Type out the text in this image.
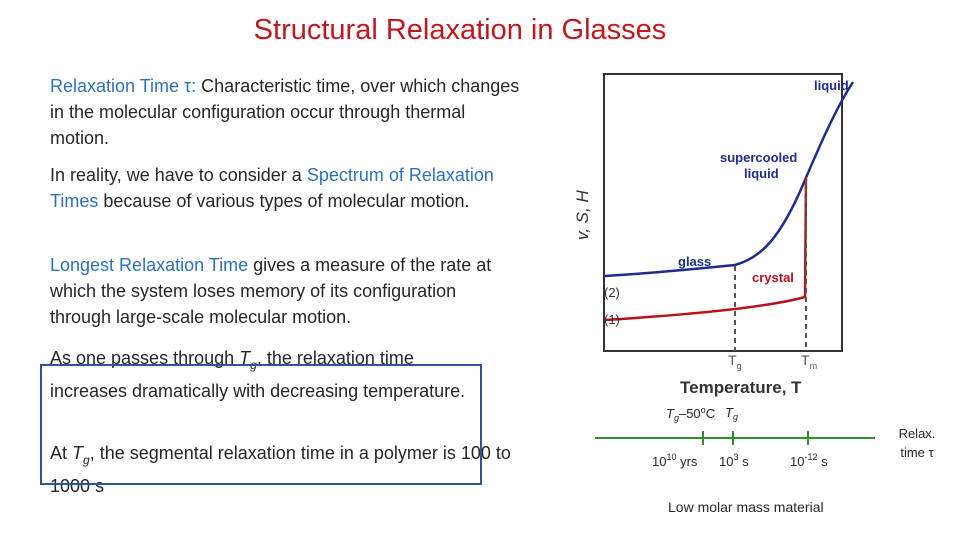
Structural Relaxation in Glasses
Relaxation Time τ: Characteristic time, over which changes in the molecular configuration occur through thermal motion.
In reality, we have to consider a Spectrum of Relaxation Times because of various types of molecular motion.
Longest Relaxation Time gives a measure of the rate at which the system loses memory of its configuration through large-scale molecular motion.
As one passes through $T_g$, the relaxation time increases dramatically with decreasing temperature.
At $T_g$, the segmental relaxation time in a polymer is 100 to 1000 s
v, S, H
liquid
supercooled
liquid
glass
crystal
(2)
(1)
$T_g$	$T_m$
Temperature, T
$T_g-50^oC$ $T_g$
$10^{10}$ yrs $10^3$ s	$10^{-12}$ s
Relax.
time τ
Low molar mass material
